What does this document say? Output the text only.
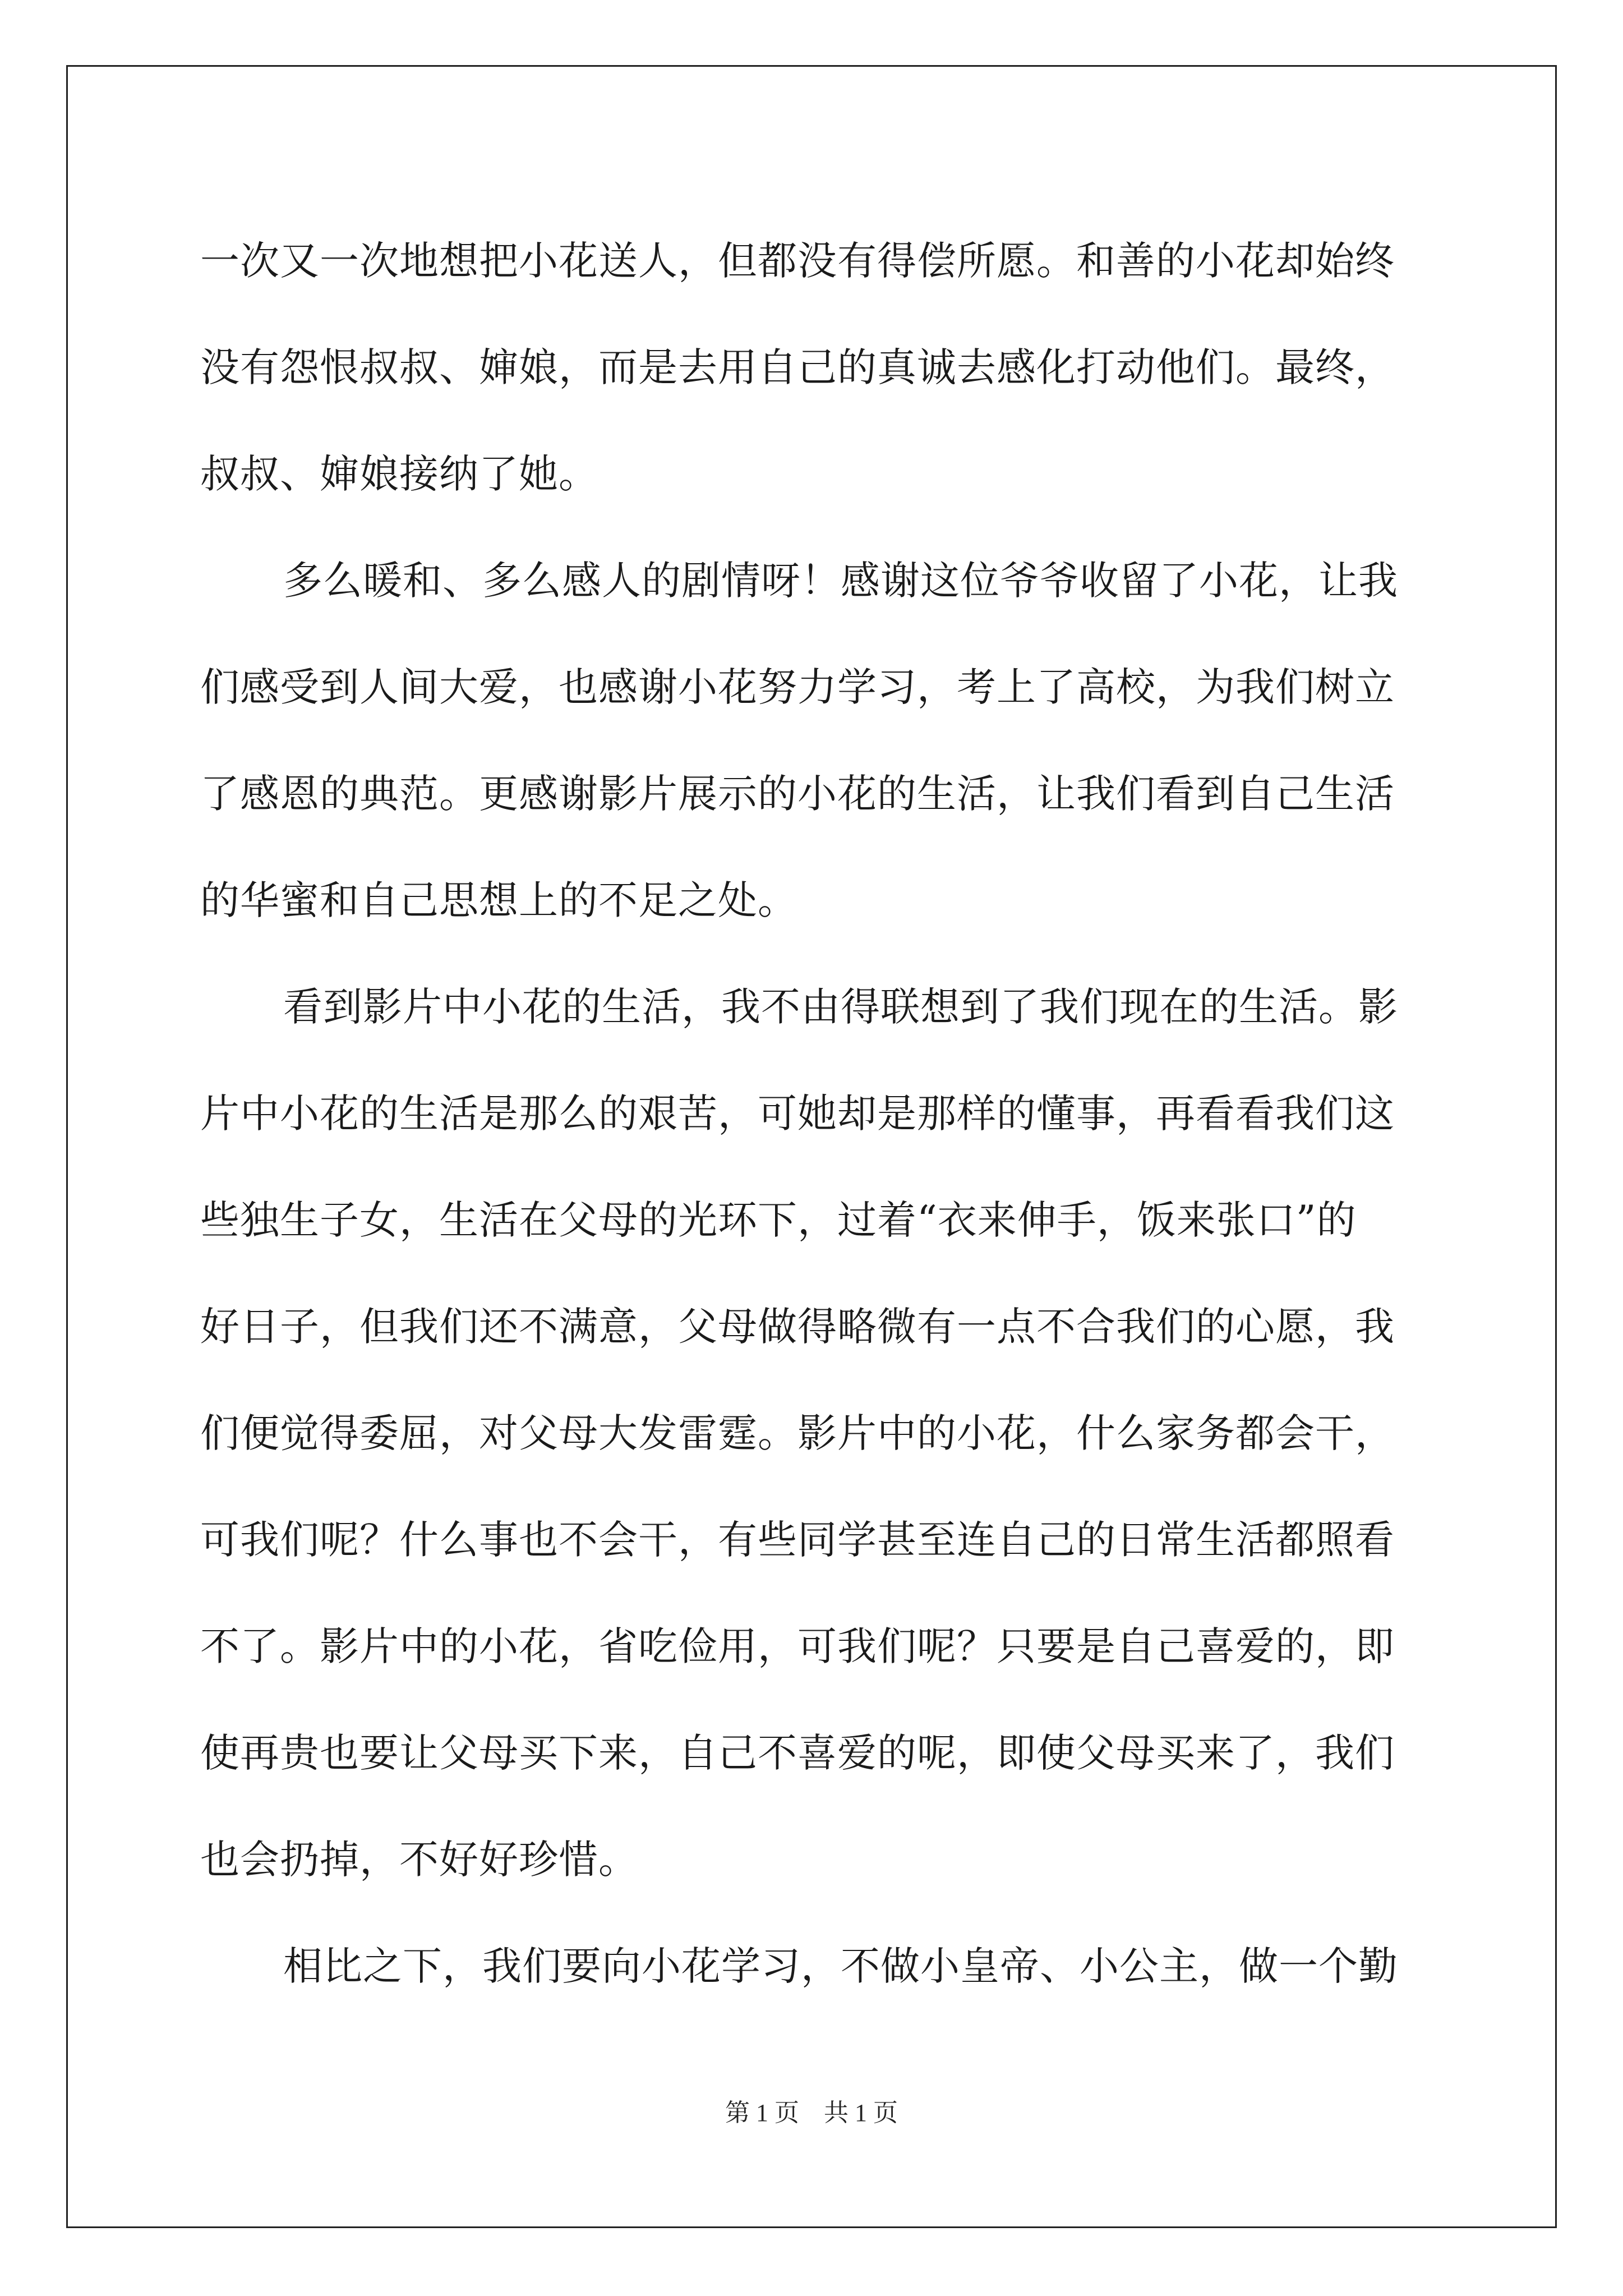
一次又一次地想把小花送人，但都没有得偿所愿。和善的小花却始终
没有怨恨叔叔、婶娘，而是去用自己的真诚去感化打动他们。最终，
叔叔、婶娘接纳了她。
多么暖和、多么感人的剧情呀！感谢这位爷爷收留了小花，让我
们感受到人间大爱，也感谢小花努力学习，考上了高校，为我们树立
了感恩的典范。更感谢影片展示的小花的生活，让我们看到自己生活
的华蜜和自己思想上的不足之处。
看到影片中小花的生活，我不由得联想到了我们现在的生活。影
片中小花的生活是那么的艰苦，可她却是那样的懂事，再看看我们这
些独生子女，生活在父母的光环下，过着“衣来伸手，饭来张口”的
好日子，但我们还不满意，父母做得略微有一点不合我们的心愿，我
们便觉得委屈，对父母大发雷霆。影片中的小花，什么家务都会干，
可我们呢？什么事也不会干，有些同学甚至连自己的日常生活都照看
不了。影片中的小花，省吃俭用，可我们呢？只要是自己喜爱的，即
使再贵也要让父母买下来，自己不喜爱的呢，即使父母买来了，我们
也会扔掉，不好好珍惜。
相比之下，我们要向小花学习，不做小皇帝、小公主，做一个勤
第 1 页　共 1 页
